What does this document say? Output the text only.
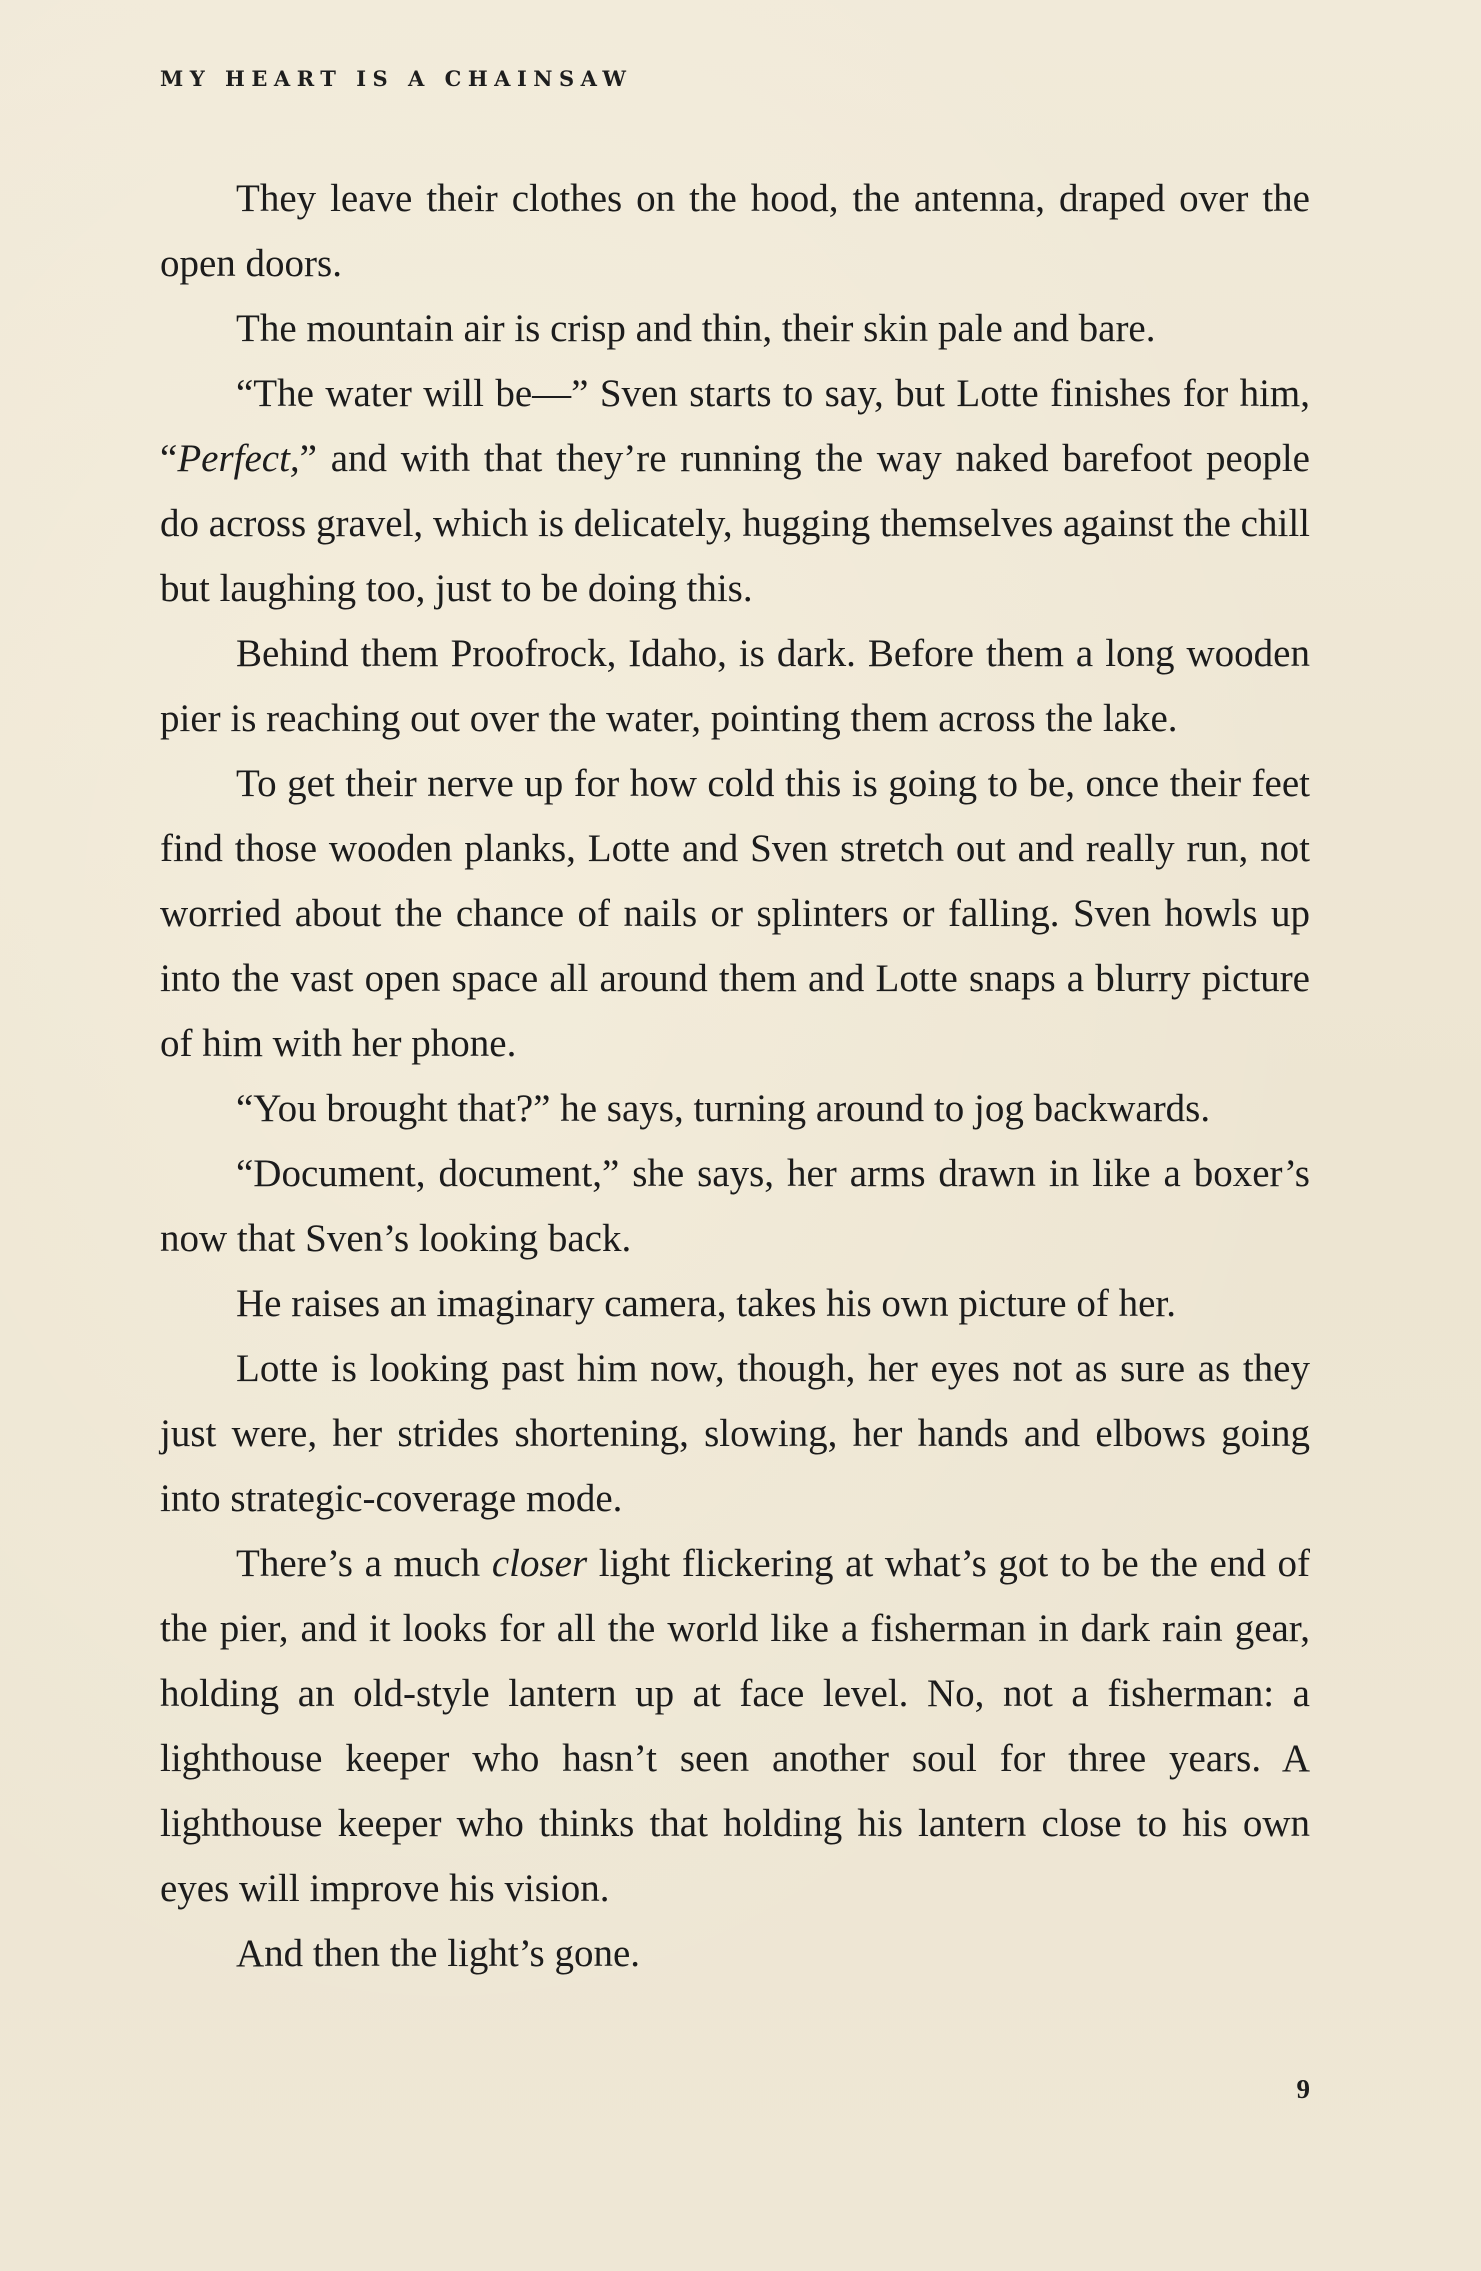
MY HEART IS A CHAINSAW

They leave their clothes on the hood, the antenna, draped over the open doors.

The mountain air is crisp and thin, their skin pale and bare.

“The water will be—” Sven starts to say, but Lotte finishes for him, “Perfect,” and with that they’re running the way naked barefoot people do across gravel, which is delicately, hugging themselves against the chill but laughing too, just to be doing this.

Behind them Proofrock, Idaho, is dark. Before them a long wooden pier is reaching out over the water, pointing them across the lake.

To get their nerve up for how cold this is going to be, once their feet find those wooden planks, Lotte and Sven stretch out and really run, not worried about the chance of nails or splinters or falling. Sven howls up into the vast open space all around them and Lotte snaps a blurry picture of him with her phone.

“You brought that?” he says, turning around to jog backwards.

“Document, document,” she says, her arms drawn in like a boxer’s now that Sven’s looking back.

He raises an imaginary camera, takes his own picture of her.

Lotte is looking past him now, though, her eyes not as sure as they just were, her strides shortening, slowing, her hands and elbows going into strategic-coverage mode.

There’s a much closer light flickering at what’s got to be the end of the pier, and it looks for all the world like a fisherman in dark rain gear, holding an old-style lantern up at face level. No, not a fisherman: a lighthouse keeper who hasn’t seen another soul for three years. A lighthouse keeper who thinks that holding his lantern close to his own eyes will improve his vision.

And then the light’s gone.

9
